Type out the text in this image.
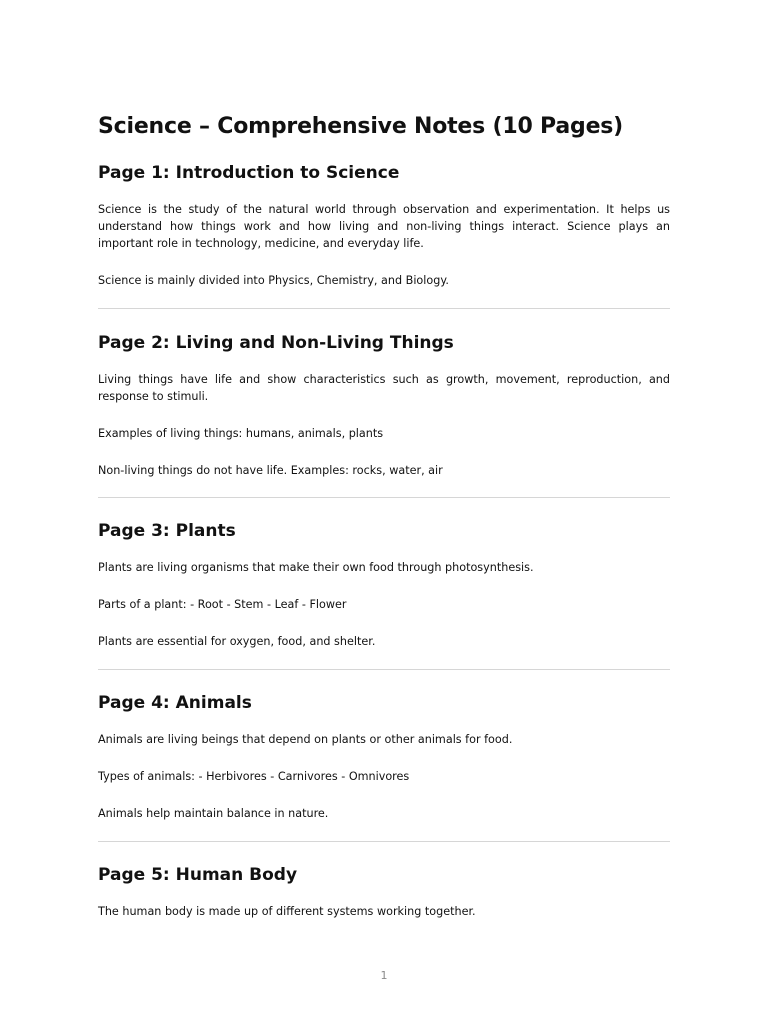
Science – Comprehensive Notes (10 Pages)
Page 1: Introduction to Science

Science is the study of the natural world through observation and experimentation. It helps us understand how things work and how living and non-living things interact. Science plays an important role in technology, medicine, and everyday life.

Science is mainly divided into Physics, Chemistry, and Biology.

Page 2: Living and Non-Living Things

Living things have life and show characteristics such as growth, movement, reproduction, and response to stimuli.

Examples of living things: humans, animals, plants

Non-living things do not have life. Examples: rocks, water, air

Page 3: Plants

Plants are living organisms that make their own food through photosynthesis.

Parts of a plant: - Root - Stem - Leaf - Flower

Plants are essential for oxygen, food, and shelter.

Page 4: Animals

Animals are living beings that depend on plants or other animals for food.

Types of animals: - Herbivores - Carnivores - Omnivores

Animals help maintain balance in nature.

Page 5: Human Body

The human body is made up of different systems working together.

1
